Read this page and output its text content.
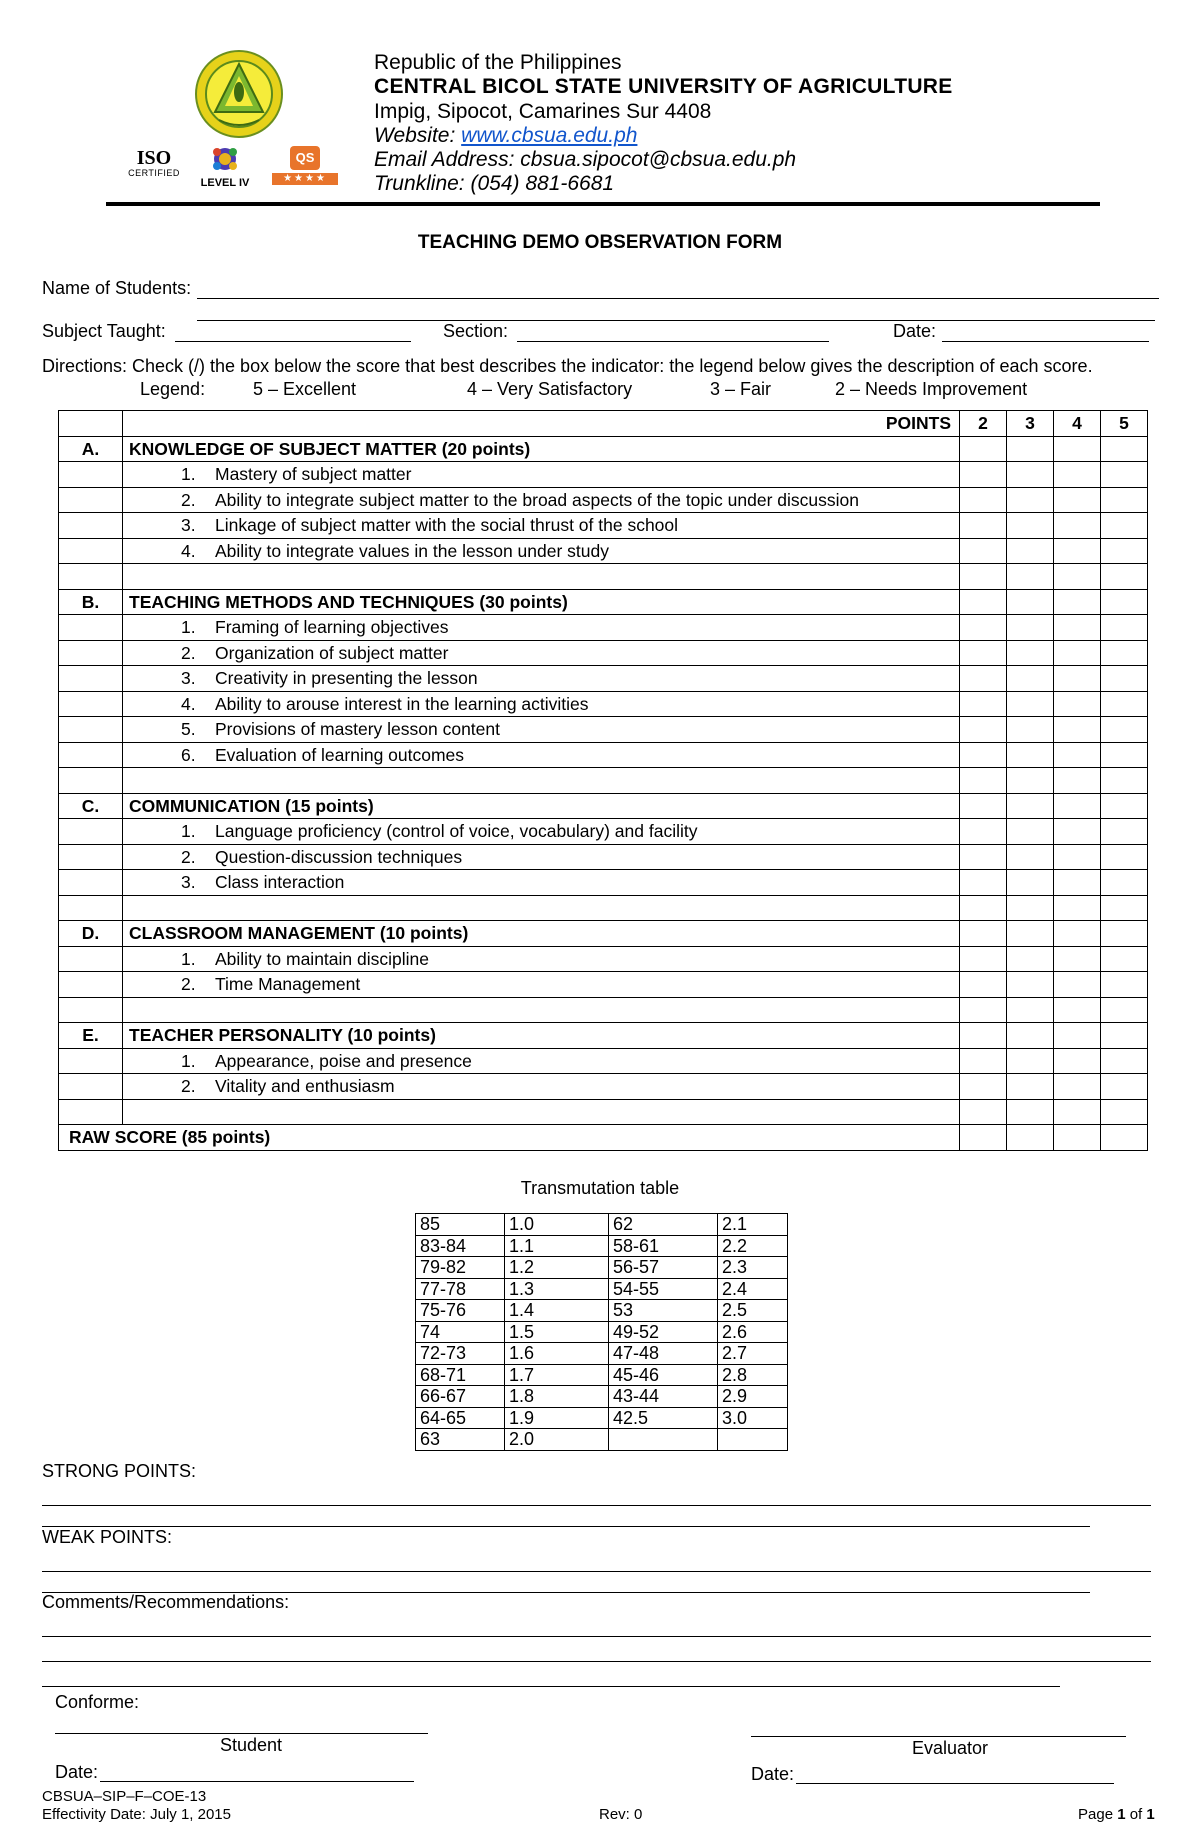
ISO
CERTIFIED
LEVEL IV
QS
★★★★
Republic of the Philippines
CENTRAL BICOL STATE UNIVERSITY OF AGRICULTURE
Impig, Sipocot, Camarines Sur 4408
Website: www.cbsua.edu.ph
Email Address: cbsua.sipocot@cbsua.edu.ph
Trunkline: (054) 881-6681
TEACHING DEMO OBSERVATION FORM
Name of Students:
Subject Taught:	Section:	Date:
Directions: Check (/) the box below the score that best describes the indicator: the legend below gives the description of each score.
Legend:	5 – Excellent	4 – Very Satisfactory	3 – Fair	2 – Needs Improvement
	POINTS	2	3	4	5
A.	KNOWLEDGE OF SUBJECT MATTER (20 points)				
	1. Mastery of subject matter				
	2. Ability to integrate subject matter to the broad aspects of the topic under discussion				
	3. Linkage of subject matter with the social thrust of the school				
	4. Ability to integrate values in the lesson under study				

B.	TEACHING METHODS AND TECHNIQUES (30 points)				
	1. Framing of learning objectives				
	2. Organization of subject matter				
	3. Creativity in presenting the lesson				
	4. Ability to arouse interest in the learning activities				
	5. Provisions of mastery lesson content				
	6. Evaluation of learning outcomes				

C.	COMMUNICATION (15 points)				
	1. Language proficiency (control of voice, vocabulary) and facility				
	2. Question-discussion techniques				
	3. Class interaction				

D.	CLASSROOM MANAGEMENT (10 points)				
	1. Ability to maintain discipline				
	2. Time Management				

E.	TEACHER PERSONALITY (10 points)				
	1. Appearance, poise and presence				
	2. Vitality and enthusiasm				

RAW SCORE (85 points)					
Transmutation table
85	1.0	62	2.1
83-84	1.1	58-61	2.2
79-82	1.2	56-57	2.3
77-78	1.3	54-55	2.4
75-76	1.4	53	2.5
74	1.5	49-52	2.6
72-73	1.6	47-48	2.7
68-71	1.7	45-46	2.8
66-67	1.8	43-44	2.9
64-65	1.9	42.5	3.0
63	2.0		
STRONG POINTS:
WEAK POINTS:
Comments/Recommendations:
Conforme:
Student
Date:
Evaluator
Date:
CBSUA–SIP–F–COE-13
Effectivity Date: July 1, 2015	Rev: 0	Page 1 of 1
